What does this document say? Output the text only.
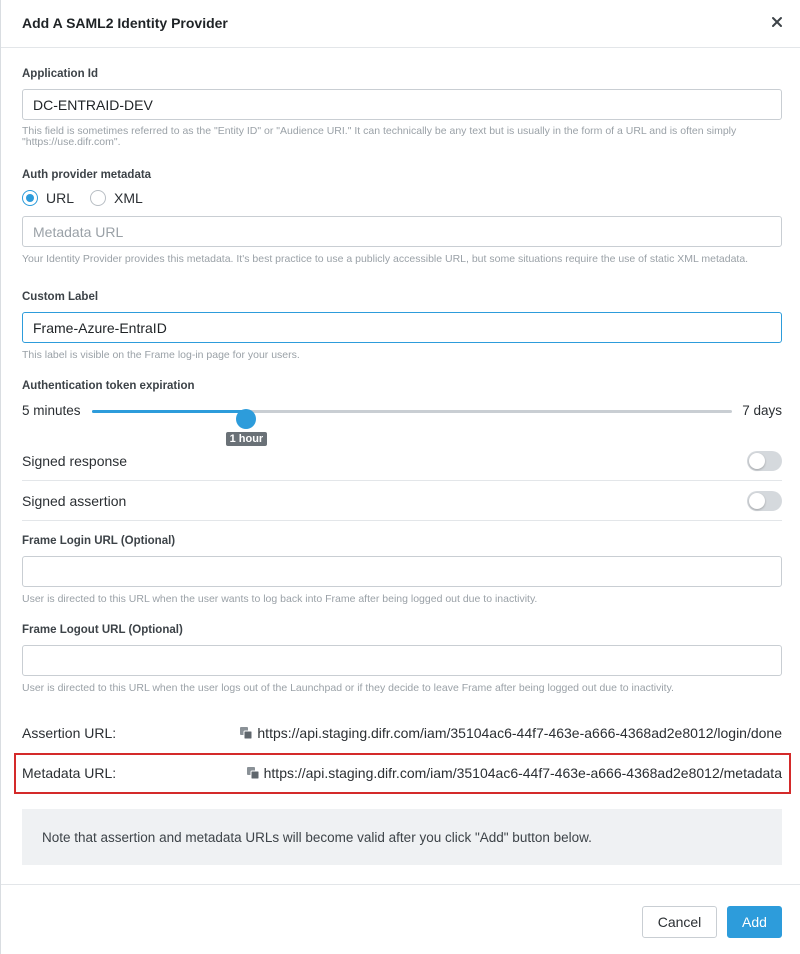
Add A SAML2 Identity Provider
Application Id
DC-ENTRAID-DEV
This field is sometimes referred to as the "Entity ID" or "Audience URI." It can technically be any text but is usually in the form of a URL and is often simply "https://use.difr.com".
Auth provider metadata
URL	XML
Metadata URL
Your Identity Provider provides this metadata. It's best practice to use a publicly accessible URL, but some situations require the use of static XML metadata.
Custom Label
Frame-Azure-EntraID
This label is visible on the Frame log-in page for your users.
Authentication token expiration
5 minutes
1 hour
7 days
Signed response
Signed assertion
Frame Login URL (Optional)
User is directed to this URL when the user wants to log back into Frame after being logged out due to inactivity.
Frame Logout URL (Optional)
User is directed to this URL when the user logs out of the Launchpad or if they decide to leave Frame after being logged out due to inactivity.
Assertion URL:	https://api.staging.difr.com/iam/35104ac6-44f7-463e-a666-4368ad2e8012/login/done
Metadata URL:	https://api.staging.difr.com/iam/35104ac6-44f7-463e-a666-4368ad2e8012/metadata
Note that assertion and metadata URLs will become valid after you click "Add" button below.
Cancel	Add
